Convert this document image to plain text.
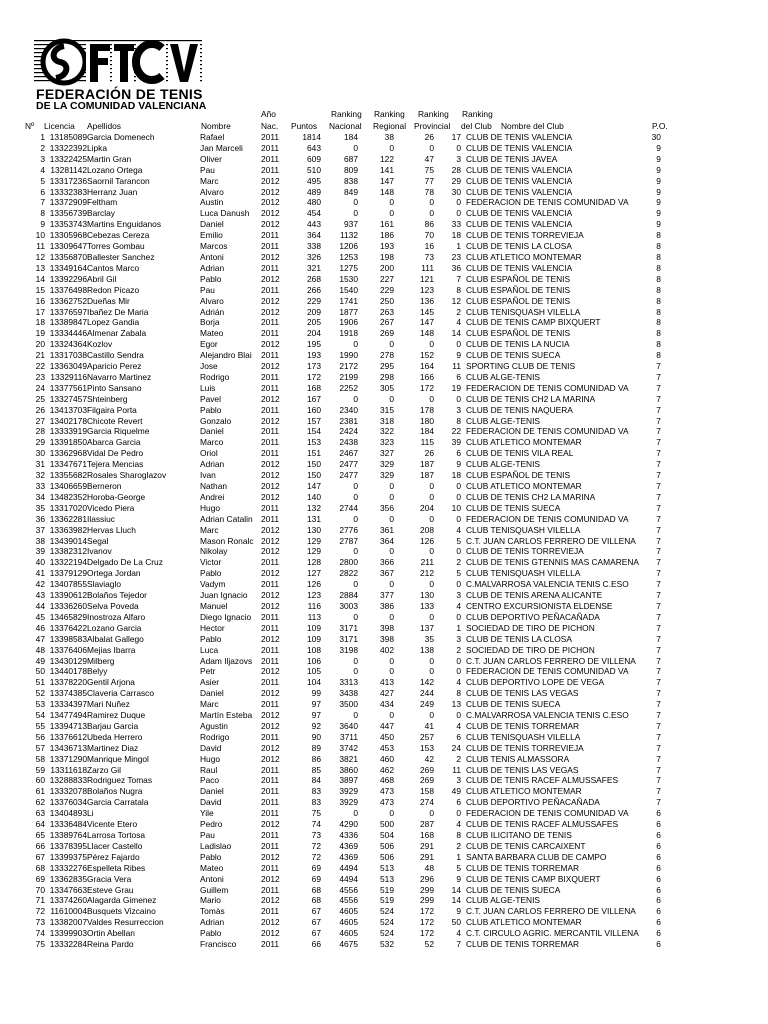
FEDERACIÓN DE TENIS
DE LA COMUNIDAD VALENCIANA
Año	Ranking Ranking Ranking Ranking
Nº Licencia Apellidos	Nombre	Nac. Puntos Nacional Regional Provincial del Club Nombre del Club	P.O.
1	13185089	Garcia Domenech	Rafael	2011	1814	184	38	26	17		CLUB DE TENIS VALENCIA	30
2	13322392	Lipka	Jan Marceli	2011	643	0	0	0	0		CLUB DE TENIS VALENCIA	9
3	13322425	Martin Gran	Oliver	2011	609	687	122	47	3		CLUB DE TENIS JAVEA	9
4	13281142	Lozano Ortega	Pau	2011	510	809	141	75	28		CLUB DE TENIS VALENCIA	9
5	13317236	Saornil Tarancon	Marc	2012	495	838	147	77	29		CLUB DE TENIS VALENCIA	9
6	13332383	Herranz Juan	Alvaro	2012	489	849	148	78	30		CLUB DE TENIS VALENCIA	9
7	13372909	Feltham	Austin	2012	480	0	0	0	0		FEDERACION DE TENIS COMUNIDAD VA	9
8	13356739	Barclay	Luca Danush	2012	454	0	0	0	0		CLUB DE TENIS VALENCIA	9
9	13353743	Martins Enguidanos	Daniel	2012	443	937	161	86	33		CLUB DE TENIS VALENCIA	9
10	13305968	Cebezas Cereza	Emilio	2011	364	1132	186	70	18		CLUB DE TENIS TORREVIEJA	8
11	13309647	Torres Gombau	Marcos	2011	338	1206	193	16	1		CLUB DE TENIS LA CLOSA	8
12	13356870	Ballester Sanchez	Antoni	2012	326	1253	198	73	23		CLUB ATLETICO MONTEMAR	8
13	13349164	Cantos Marco	Adrian	2011	321	1275	200	111	36		CLUB DE TENIS VALENCIA	8
14	13392296	Abril Gil	Pablo	2012	268	1530	227	121	7		CLUB ESPAÑOL DE TENIS	8
15	13376498	Redon Picazo	Pau	2011	266	1540	229	123	8		CLUB ESPAÑOL DE TENIS	8
16	13362752	Dueñas Mir	Alvaro	2012	229	1741	250	136	12		CLUB ESPAÑOL DE TENIS	8
17	13376597	Ibañez De Maria	Adrián	2012	209	1877	263	145	2		CLUB TENISQUASH VILELLA	8
18	13389847	Lopez Gandia	Borja	2011	205	1906	267	147	4		CLUB DE TENIS CAMP BIXQUERT	8
19	13334446	Almenar Zabala	Mateo	2011	204	1918	269	148	14		CLUB ESPAÑOL DE TENIS	8
20	13324364	Kozlov	Egor	2012	195	0	0	0	0		CLUB DE TENIS LA NUCIA	8
21	13317038	Castillo Sendra	Alejandro Blai	2011	193	1990	278	152	9		CLUB DE TENIS SUECA	8
22	13363049	Aparicio Perez	Jose	2012	173	2172	295	164	11		SPORTING CLUB DE TENIS	7
23	13329116	Navarro Martinez	Rodrigo	2011	172	2199	298	166	6		CLUB ALGE-TENIS	7
24	13377561	Pinto Sansano	Luis	2011	168	2252	305	172	19		FEDERACION DE TENIS COMUNIDAD VA	7
25	13327457	Shteinberg	Pavel	2012	167	0	0	0	0		CLUB DE TENIS CH2 LA MARINA	7
26	13413703	Filgaira Porta	Pablo	2011	160	2340	315	178	3		CLUB DE TENIS NAQUERA	7
27	13402178	Chicote Revert	Gonzalo	2012	157	2381	318	180	8		CLUB ALGE-TENIS	7
28	13333919	Garcia Riquelme	Daniel	2011	154	2424	322	184	22		FEDERACION DE TENIS COMUNIDAD VA	7
29	13391850	Abarca Garcia	Marco	2011	153	2438	323	115	39		CLUB ATLETICO MONTEMAR	7
30	13362968	Vidal De Pedro	Oriol	2011	151	2467	327	26	6		CLUB DE TENIS VILA REAL	7
31	13347671	Tejera Mencias	Adrian	2012	150	2477	329	187	9		CLUB ALGE-TENIS	7
32	13355682	Rosales Sharoglazov	Ivan	2012	150	2477	329	187	18		CLUB ESPAÑOL DE TENIS	7
33	13406659	Berneron	Nathan	2012	147	0	0	0	0		CLUB ATLETICO MONTEMAR	7
34	13482352	Horoba-George	Andrei	2012	140	0	0	0	0		CLUB DE TENIS CH2 LA MARINA	7
35	13317020	Vicedo Piera	Hugo	2011	132	2744	356	204	10		CLUB DE TENIS SUECA	7
36	13362281	Ilassiuc	Adrian Catalin	2011	131	0	0	0	0		FEDERACION DE TENIS COMUNIDAD VA	7
37	13363982	Hervas Lluch	Marc	2012	130	2776	361	208	4		CLUB TENISQUASH VILELLA	7
38	13439014	Segal	Mason Ronalc	2012	129	2787	364	126	5		C.T. JUAN CARLOS FERRERO DE VILLENA	7
39	13382312	Ivanov	Nikolay	2012	129	0	0	0	0		CLUB DE TENIS TORREVIEJA	7
40	13322194	Delgado De La Cruz	Victor	2011	128	2800	366	211	2		CLUB DE TENIS GTENNIS MAS CAMARENA	7
41	13379129	Ortega Jordan	Pablo	2012	127	2822	367	212	5		CLUB TENISQUASH VILELLA	7
42	13407855	Slaviaglo	Vadym	2011	126	0	0	0	0		C.MALVARROSA VALENCIA TENIS C.ESO	7
43	13390612	Bolaños Tejedor	Juan Ignacio	2012	123	2884	377	130	3		CLUB DE TENIS ARENA ALICANTE	7
44	13336260	Selva Poveda	Manuel	2012	116	3003	386	133	4		CENTRO EXCURSIONISTA ELDENSE	7
45	13465829	Inostroza Alfaro	Diego Ignacio	2011	113	0	0	0	0		CLUB DEPORTIVO PEÑACAÑADA	7
46	13376422	Lozano Garcia	Hector	2011	109	3171	398	137	1		SOCIEDAD DE TIRO DE PICHON	7
47	13398583	Albalat Gallego	Pablo	2012	109	3171	398	35	3		CLUB DE TENIS LA CLOSA	7
48	13376406	Mejias Ibarra	Luca	2011	108	3198	402	138	2		SOCIEDAD DE TIRO DE PICHON	7
49	13430129	Milberg	Adam Iljazovs	2011	106	0	0	0	0		C.T. JUAN CARLOS FERRERO DE VILLENA	7
50	13440178	Belyy	Petr	2012	105	0	0	0	0		FEDERACION DE TENIS COMUNIDAD VA	7
51	13378220	Gentil Arjona	Asier	2011	104	3313	413	142	4		CLUB DEPORTIVO LOPE DE VEGA	7
52	13374385	Claveria Carrasco	Daniel	2012	99	3438	427	244	8		CLUB DE TENIS LAS VEGAS	7
53	13334397	Mari Nuñez	Marc	2011	97	3500	434	249	13		CLUB DE TENIS SUECA	7
54	13477494	Ramirez Duque	Martín Esteba	2012	97	0	0	0	0		C.MALVARROSA VALENCIA TENIS C.ESO	7
55	13394713	Barjau Garcia	Agustin	2012	92	3640	447	41	4		CLUB DE TENIS TORREMAR	7
56	13376612	Ubeda Herrero	Rodrigo	2011	90	3711	450	257	6		CLUB TENISQUASH VILELLA	7
57	13436713	Martinez Diaz	David	2012	89	3742	453	153	24		CLUB DE TENIS TORREVIEJA	7
58	13371290	Manrique Mingol	Hugo	2012	86	3821	460	42	2		CLUB TENIS ALMASSORA	7
59	13311618	Zarzo Gil	Raul	2011	85	3860	462	269	11		CLUB DE TENIS LAS VEGAS	7
60	13288833	Rodriguez Tomas	Paco	2011	84	3897	468	269	3		CLUB DE TENIS RACEF ALMUSSAFES	7
61	13332078	Bolaños Nugra	Daniel	2011	83	3929	473	158	49		CLUB ATLETICO MONTEMAR	7
62	13376034	Garcia Carratala	David	2011	83	3929	473	274	6		CLUB DEPORTIVO PEÑACAÑADA	7
63	13404893	Li	Yile	2011	75	0	0	0	0		FEDERACION DE TENIS COMUNIDAD VA	6
64	13336484	Vicente Etero	Pedro	2012	74	4290	500	287	4		CLUB DE TENIS RACEF ALMUSSAFES	6
65	13389764	Larrosa Tortosa	Pau	2011	73	4336	504	168	8		CLUB ILICITANO DE TENIS	6
66	13378395	Llacer Castello	Ladislao	2011	72	4369	506	291	2		CLUB DE TENIS CARCAIXENT	6
67	13399375	Pérez Fajardo	Pablo	2012	72	4369	506	291	1		SANTA BARBARA CLUB DE CAMPO	6
68	13332276	Espelleta Ribes	Mateo	2011	69	4494	513	48	5		CLUB DE TENIS TORREMAR	6
69	13362835	Gracia Vera	Antoni	2012	69	4494	513	296	9		CLUB DE TENIS CAMP BIXQUERT	6
70	13347663	Esteve Grau	Guillem	2011	68	4556	519	299	14		CLUB DE TENIS SUECA	6
71	13374260	Alagarda Gimenez	Mario	2012	68	4556	519	299	14		CLUB ALGE-TENIS	6
72	11610004	Busquets Vizcaino	Tomàs	2011	67	4605	524	172	9		C.T. JUAN CARLOS FERRERO DE VILLENA	6
73	13382007	Valdes Resurreccion	Adrian	2012	67	4605	524	172	50		CLUB ATLETICO MONTEMAR	6
74	13399903	Ortin Abellan	Pablo	2012	67	4605	524	172	4		C.T. CIRCULO AGRIC. MERCANTIL VILLENA	6
75	13332284	Reina Pardo	Francisco	2011	66	4675	532	52	7		CLUB DE TENIS TORREMAR	6
